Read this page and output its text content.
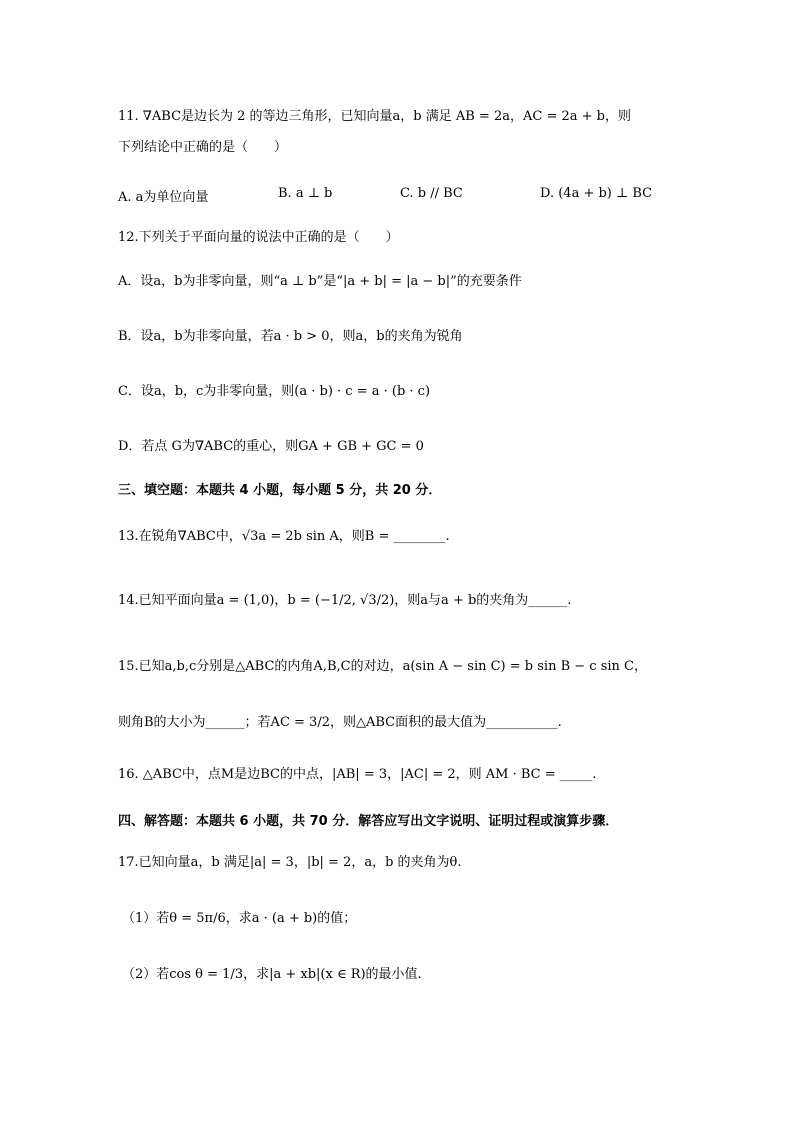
11. ∇ABC是边长为 2 的等边三角形，已知向量a，b 满足 AB = 2a，AC = 2a + b，则
下列结论中正确的是（　　）
A. a为单位向量	B. a ⊥ b	C. b // BC	D. (4a + b) ⊥ BC
12.下列关于平面向量的说法中正确的是（　　）
A．设a，b为非零向量，则“a ⊥ b”是“|a + b| = |a − b|”的充要条件
B．设a，b为非零向量，若a · b > 0，则a，b的夹角为锐角
C．设a，b，c为非零向量，则(a · b) · c = a · (b · c)
D．若点 G为∇ABC的重心，则GA + GB + GC = 0
三、填空题：本题共 4 小题，每小题 5 分，共 20 分．
13.在锐角∇ABC中，√3a = 2b sin A，则B = ________.
14.已知平面向量a = (1,0)，b = (−1/2, √3/2)，则a与a + b的夹角为______.
15.已知a,b,c分别是△ABC的内角A,B,C的对边，a(sin A − sin C) = b sin B − c sin C，
则角B的大小为______；若AC = 3/2，则△ABC面积的最大值为___________.
16. △ABC中，点M是边BC的中点，|AB| = 3，|AC| = 2，则 AM · BC = _____.
四、解答题：本题共 6 小题，共 70 分．解答应写出文字说明、证明过程或演算步骤．
17.已知向量a，b 满足|a| = 3，|b| = 2，a，b 的夹角为θ.
（1）若θ = 5π/6，求a · (a + b)的值；
（2）若cos θ = 1/3，求|a + xb|(x ∈ R)的最小值.
